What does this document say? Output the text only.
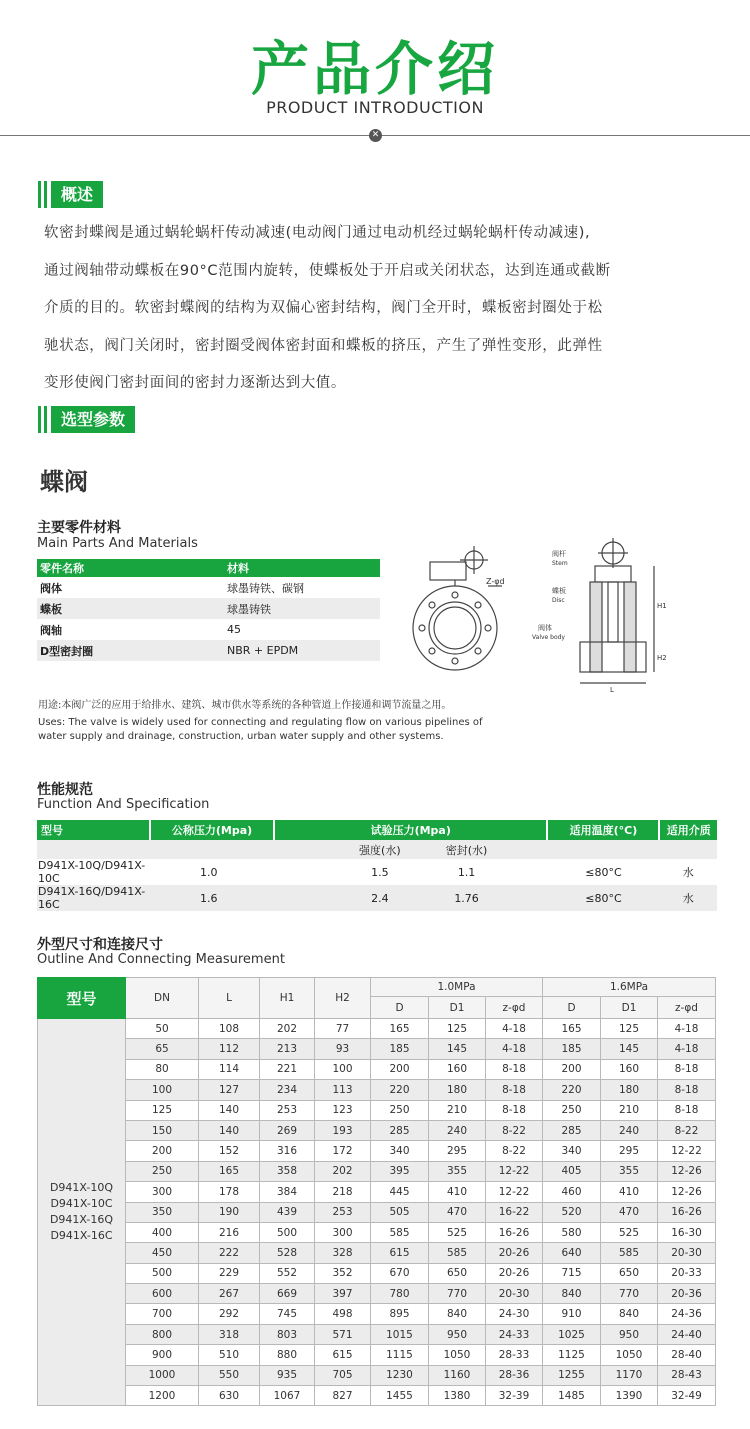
产品介绍
PRODUCT INTRODUCTION
✕
概述
软密封蝶阀是通过蜗轮蜗杆传动减速(电动阀门通过电动机经过蜗轮蜗杆传动减速),
通过阀轴带动蝶板在90°C范围内旋转，使蝶板处于开启或关闭状态，达到连通或截断
介质的目的。软密封蝶阀的结构为双偏心密封结构，阀门全开时，蝶板密封圈处于松
驰状态，阀门关闭时，密封圈受阀体密封面和蝶板的挤压，产生了弹性变形，此弹性
变形使阀门密封面间的密封力逐渐达到大值。
选型参数
蝶阀
主要零件材料
Main Parts And Materials
零件名称	材料
阀体	球墨铸铁、碳钢
蝶板	球墨铸铁
阀轴	45
D型密封圈	NBR + EPDM
Z-φd
阀杆
Stem
蝶板
Disc
阀体
Valve body
H1
H2
L
用途:本阀广泛的应用于给排水、建筑、城市供水等系统的各种管道上作接通和调节流量之用。
Uses: The valve is widely used for connecting and regulating flow on various pipelines of
water supply and drainage, construction, urban water supply and other systems.
性能规范
Function And Specification
型号	公称压力(Mpa)	试验压力(Mpa)		适用温度(°C)	适用介质
		强度(水)	密封(水)		
D941X-10Q/D941X-10C	1.0	1.5	1.1	≤80°C	水
D941X-16Q/D941X-16C	1.6	2.4	1.76	≤80°C	水
外型尺寸和连接尺寸
Outline And Connecting Measurement
型号	DN	L	H1	H2	1.0MPa			1.6MPa		
					D	D1	z-φd	D	D1	z-φd

D941X-10Q
D941X-10C
D941X-16Q
D941X-16C	50	108	202	77	165	125	4-18	165	125	4-18
	65	112	213	93	185	145	4-18	185	145	4-18
	80	114	221	100	200	160	8-18	200	160	8-18
	100	127	234	113	220	180	8-18	220	180	8-18
	125	140	253	123	250	210	8-18	250	210	8-18
	150	140	269	193	285	240	8-22	285	240	8-22
	200	152	316	172	340	295	8-22	340	295	12-22
	250	165	358	202	395	355	12-22	405	355	12-26
	300	178	384	218	445	410	12-22	460	410	12-26
	350	190	439	253	505	470	16-22	520	470	16-26
	400	216	500	300	585	525	16-26	580	525	16-30
	450	222	528	328	615	585	20-26	640	585	20-30
	500	229	552	352	670	650	20-26	715	650	20-33
	600	267	669	397	780	770	20-30	840	770	20-36
	700	292	745	498	895	840	24-30	910	840	24-36
	800	318	803	571	1015	950	24-33	1025	950	24-40
	900	510	880	615	1115	1050	28-33	1125	1050	28-40
	1000	550	935	705	1230	1160	28-36	1255	1170	28-43
	1200	630	1067	827	1455	1380	32-39	1485	1390	32-49
